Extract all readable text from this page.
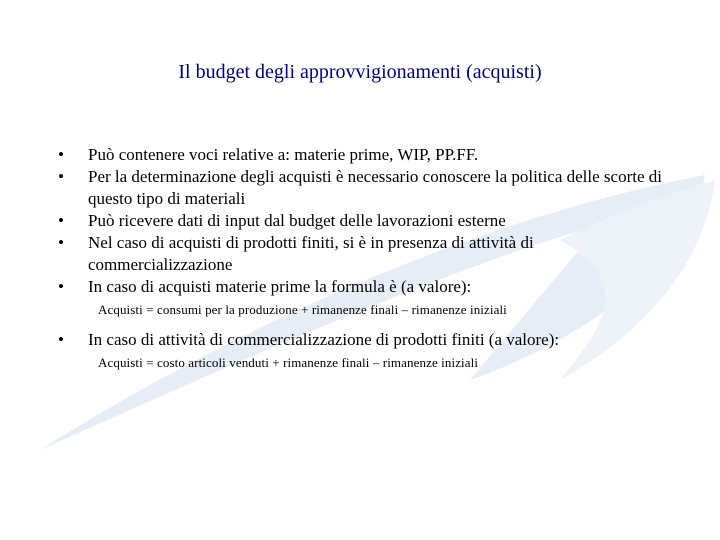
Il budget degli approvvigionamenti (acquisti)
•	Può contenere voci relative a: materie prime, WIP, PP.FF.
•	Per la determinazione degli acquisti è necessario conoscere la politica delle scorte di questo tipo di materiali
•	Può ricevere dati di input dal budget delle lavorazioni esterne
•	Nel caso di acquisti di prodotti finiti, si è in presenza di attività di commercializzazione
•	In caso di acquisti materie prime la formula è (a valore):
Acquisti = consumi per la produzione + rimanenze finali – rimanenze iniziali
•	In caso di attività di commercializzazione di prodotti finiti (a valore):
Acquisti = costo articoli venduti + rimanenze finali – rimanenze iniziali
